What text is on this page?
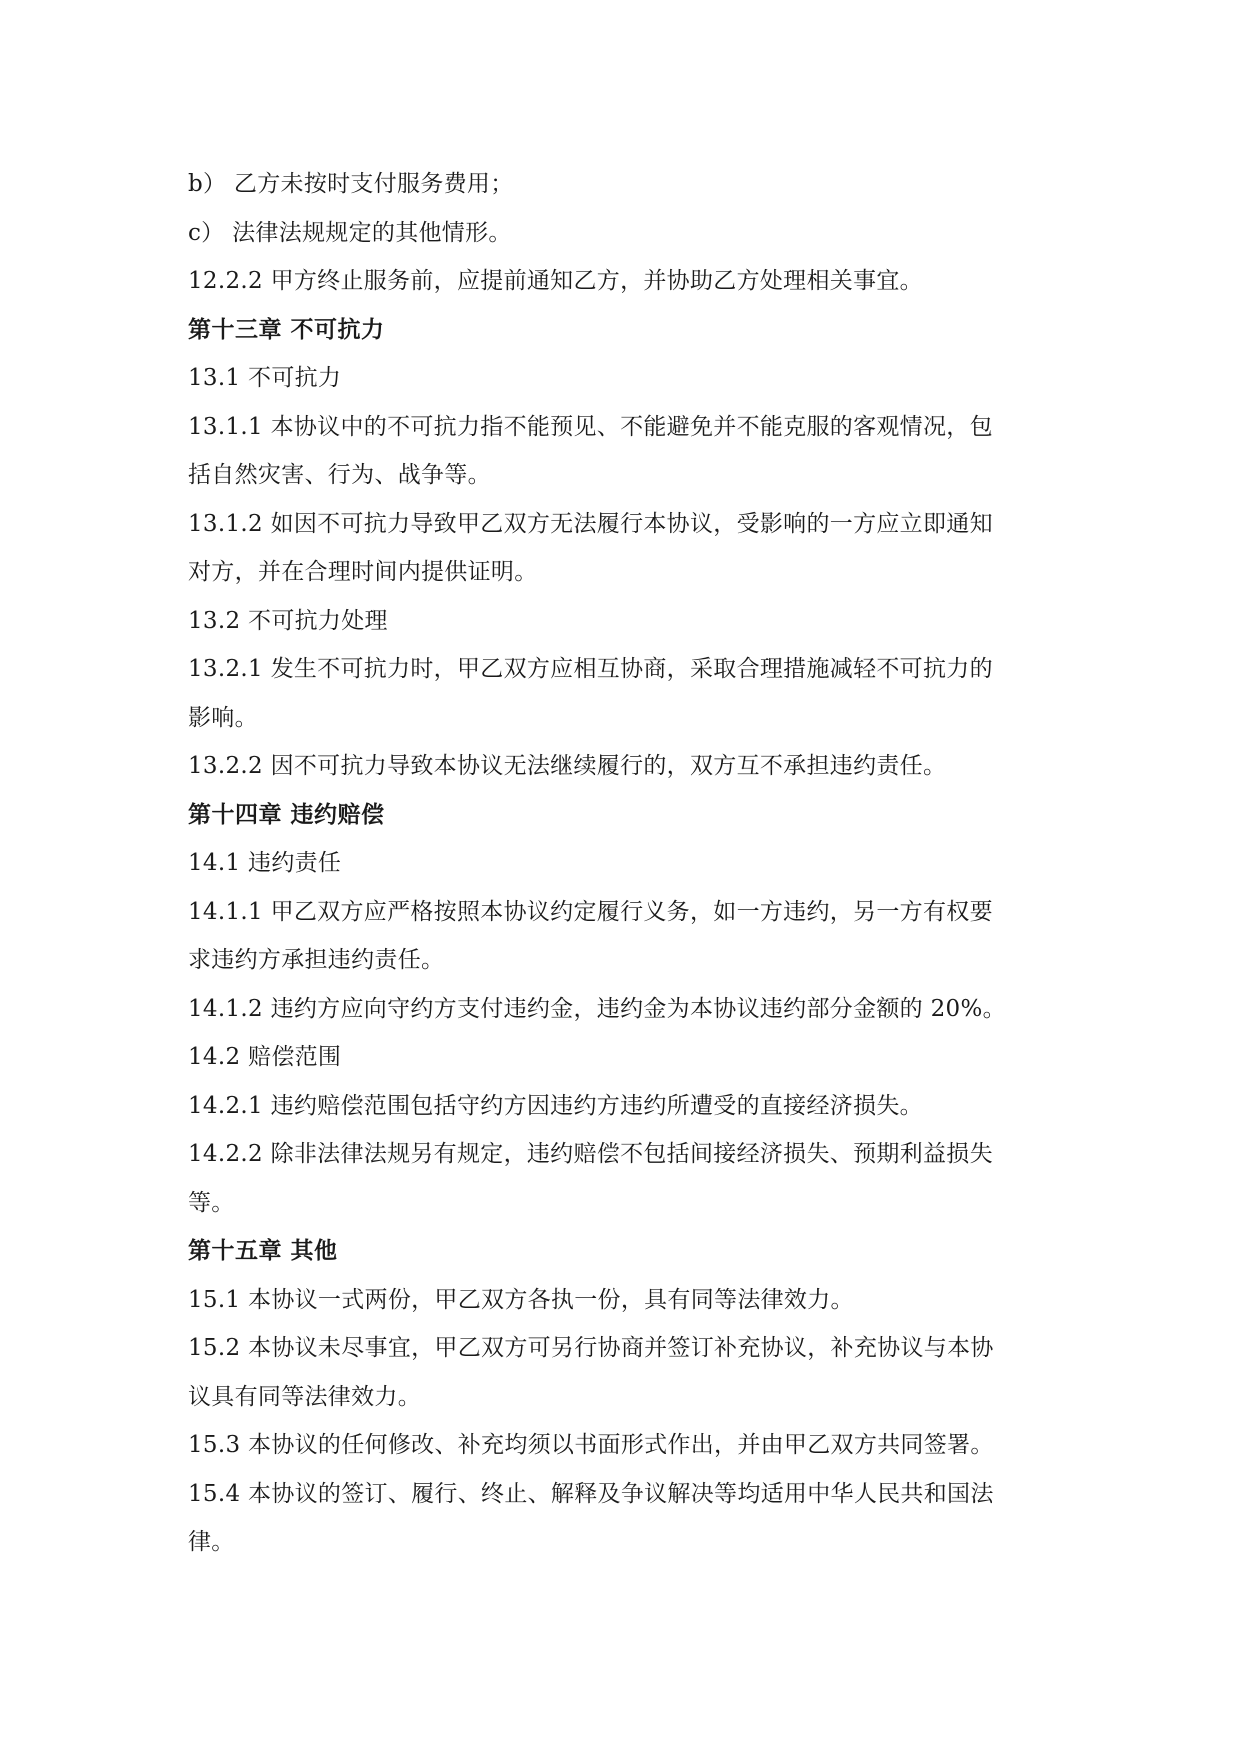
b） 乙方未按时支付服务费用；
c） 法律法规规定的其他情形。
12.2.2 甲方终止服务前，应提前通知乙方，并协助乙方处理相关事宜。
第十三章 不可抗力
13.1 不可抗力
13.1.1 本协议中的不可抗力指不能预见、不能避免并不能克服的客观情况，包
括自然灾害、行为、战争等。
13.1.2 如因不可抗力导致甲乙双方无法履行本协议，受影响的一方应立即通知
对方，并在合理时间内提供证明。
13.2 不可抗力处理
13.2.1 发生不可抗力时，甲乙双方应相互协商，采取合理措施减轻不可抗力的
影响。
13.2.2 因不可抗力导致本协议无法继续履行的，双方互不承担违约责任。
第十四章 违约赔偿
14.1 违约责任
14.1.1 甲乙双方应严格按照本协议约定履行义务，如一方违约，另一方有权要
求违约方承担违约责任。
14.1.2 违约方应向守约方支付违约金，违约金为本协议违约部分金额的 20%。
14.2 赔偿范围
14.2.1 违约赔偿范围包括守约方因违约方违约所遭受的直接经济损失。
14.2.2 除非法律法规另有规定，违约赔偿不包括间接经济损失、预期利益损失
等。
第十五章 其他
15.1 本协议一式两份，甲乙双方各执一份，具有同等法律效力。
15.2 本协议未尽事宜，甲乙双方可另行协商并签订补充协议，补充协议与本协
议具有同等法律效力。
15.3 本协议的任何修改、补充均须以书面形式作出，并由甲乙双方共同签署。
15.4 本协议的签订、履行、终止、解释及争议解决等均适用中华人民共和国法
律。
